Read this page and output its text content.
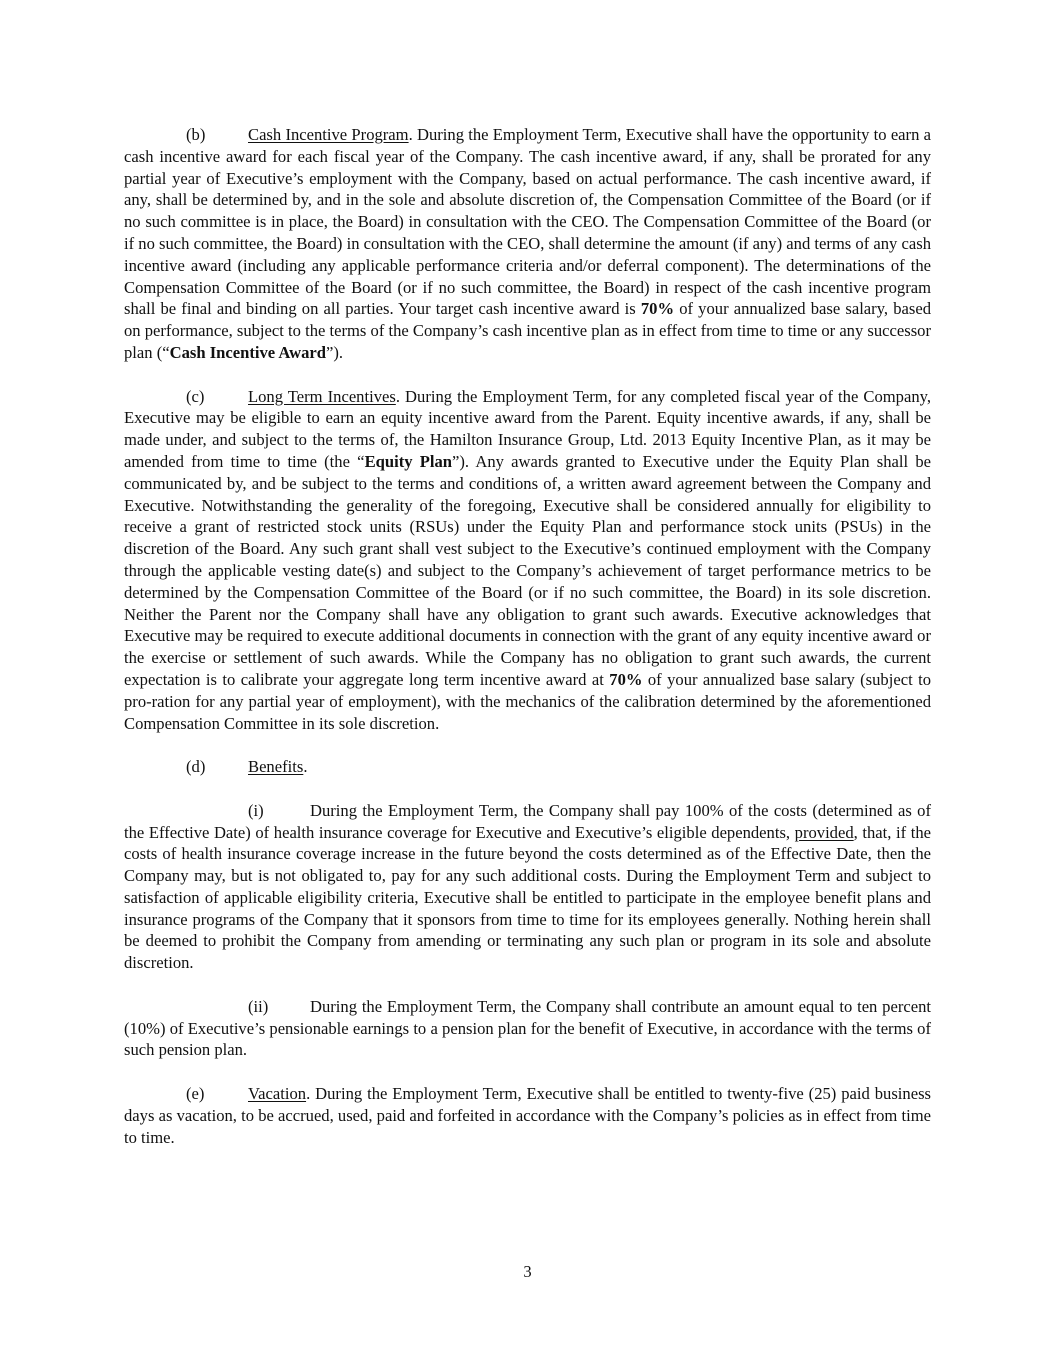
(b)	Cash Incentive Program. During the Employment Term, Executive shall have the opportunity to earn a cash incentive award for each fiscal year of the Company. The cash incentive award, if any, shall be prorated for any partial year of Executive’s employment with the Company, based on actual performance. The cash incentive award, if any, shall be determined by, and in the sole and absolute discretion of, the Compensation Committee of the Board (or if no such committee is in place, the Board) in consultation with the CEO. The Compensation Committee of the Board (or if no such committee, the Board) in consultation with the CEO, shall determine the amount (if any) and terms of any cash incentive award (including any applicable performance criteria and/or deferral component). The determinations of the Compensation Committee of the Board (or if no such committee, the Board) in respect of the cash incentive program shall be final and binding on all parties. Your target cash incentive award is 70% of your annualized base salary, based on performance, subject to the terms of the Company’s cash incentive plan as in effect from time to time or any successor plan (“Cash Incentive Award”).

(c)	Long Term Incentives. During the Employment Term, for any completed fiscal year of the Company, Executive may be eligible to earn an equity incentive award from the Parent. Equity incentive awards, if any, shall be made under, and subject to the terms of, the Hamilton Insurance Group, Ltd. 2013 Equity Incentive Plan, as it may be amended from time to time (the “Equity Plan”). Any awards granted to Executive under the Equity Plan shall be communicated by, and be subject to the terms and conditions of, a written award agreement between the Company and Executive. Notwithstanding the generality of the foregoing, Executive shall be considered annually for eligibility to receive a grant of restricted stock units (RSUs) under the Equity Plan and performance stock units (PSUs) in the discretion of the Board. Any such grant shall vest subject to the Executive’s continued employment with the Company through the applicable vesting date(s) and subject to the Company’s achievement of target performance metrics to be determined by the Compensation Committee of the Board (or if no such committee, the Board) in its sole discretion. Neither the Parent nor the Company shall have any obligation to grant such awards. Executive acknowledges that Executive may be required to execute additional documents in connection with the grant of any equity incentive award or the exercise or settlement of such awards. While the Company has no obligation to grant such awards, the current expectation is to calibrate your aggregate long term incentive award at 70% of your annualized base salary (subject to pro-ration for any partial year of employment), with the mechanics of the calibration determined by the aforementioned Compensation Committee in its sole discretion.

(d)	Benefits.

(i)	During the Employment Term, the Company shall pay 100% of the costs (determined as of the Effective Date) of health insurance coverage for Executive and Executive’s eligible dependents, provided, that, if the costs of health insurance coverage increase in the future beyond the costs determined as of the Effective Date, then the Company may, but is not obligated to, pay for any such additional costs. During the Employment Term and subject to satisfaction of applicable eligibility criteria, Executive shall be entitled to participate in the employee benefit plans and insurance programs of the Company that it sponsors from time to time for its employees generally. Nothing herein shall be deemed to prohibit the Company from amending or terminating any such plan or program in its sole and absolute discretion.

(ii)	During the Employment Term, the Company shall contribute an amount equal to ten percent (10%) of Executive’s pensionable earnings to a pension plan for the benefit of Executive, in accordance with the terms of such pension plan.

(e)	Vacation. During the Employment Term, Executive shall be entitled to twenty-five (25) paid business days as vacation, to be accrued, used, paid and forfeited in accordance with the Company’s policies as in effect from time to time.

3
